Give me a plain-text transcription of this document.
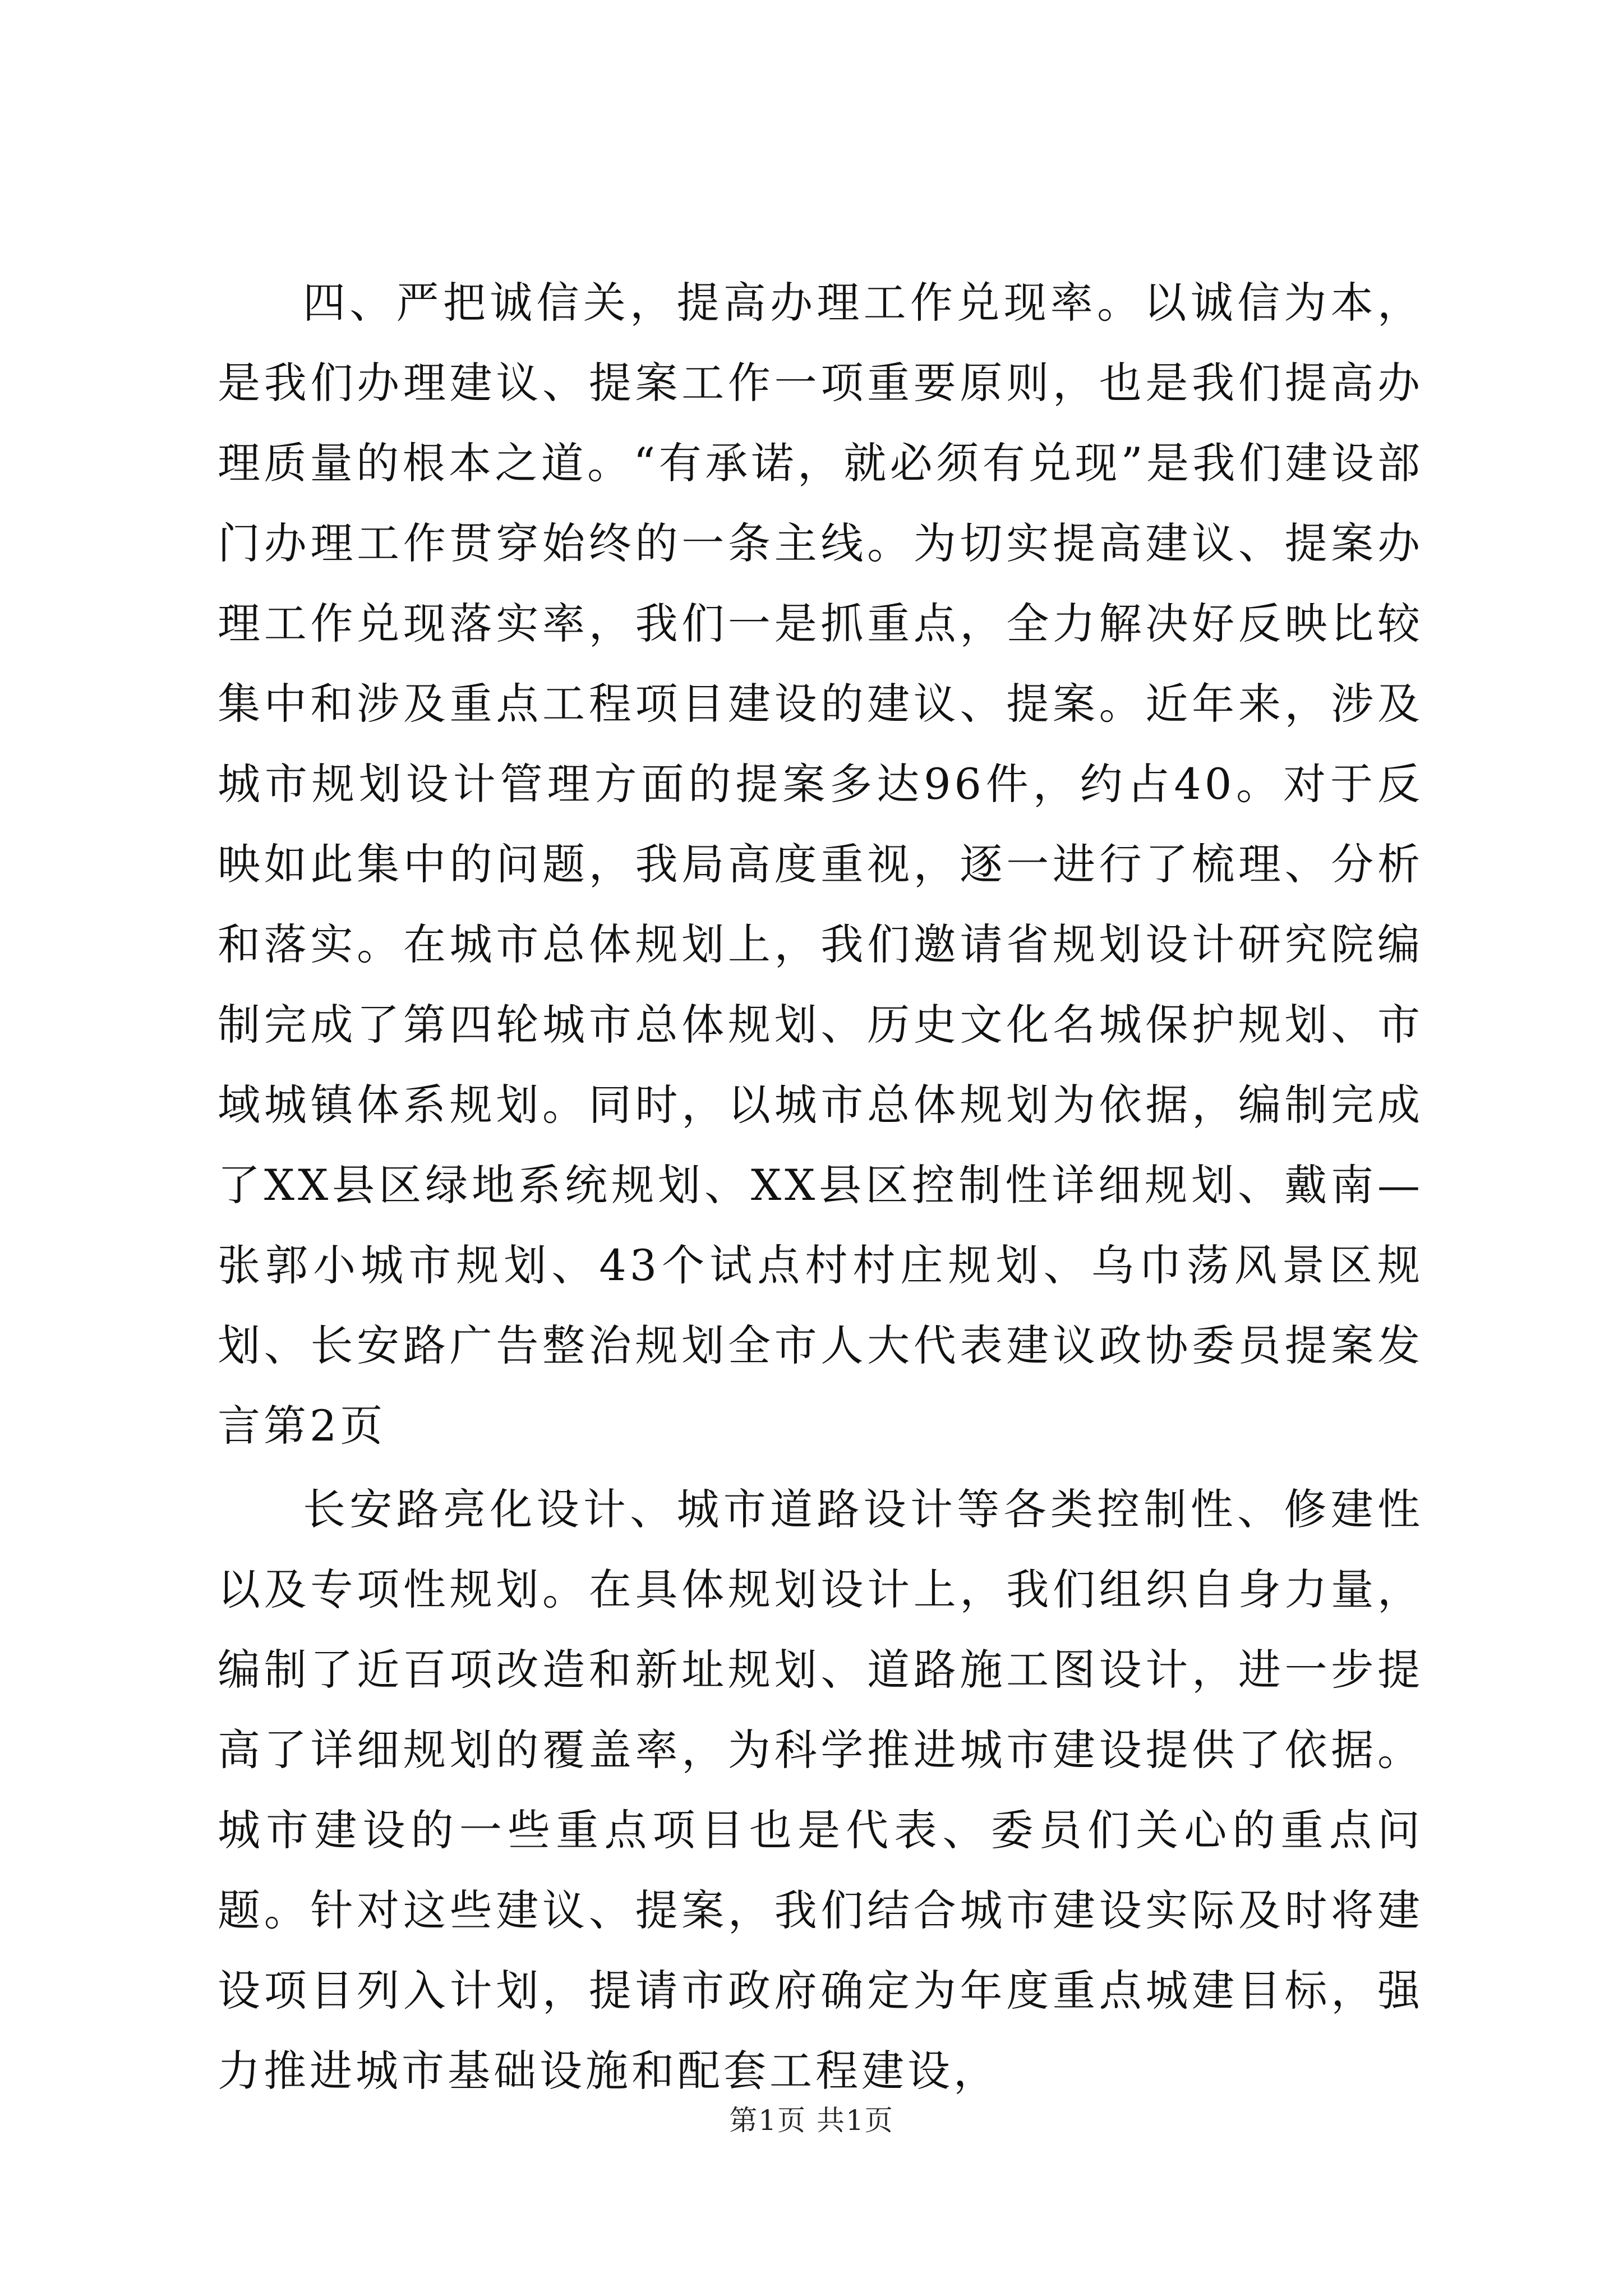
四、严把诚信关，提高办理工作兑现率。以诚信为本，是我们办理建议、提案工作一项重要原则，也是我们提高办理质量的根本之道。“有承诺，就必须有兑现”是我们建设部门办理工作贯穿始终的一条主线。为切实提高建议、提案办理工作兑现落实率，我们一是抓重点，全力解决好反映比较集中和涉及重点工程项目建设的建议、提案。近年来，涉及城市规划设计管理方面的提案多达96件，约占40。对于反映如此集中的问题，我局高度重视，逐一进行了梳理、分析和落实。在城市总体规划上，我们邀请省规划设计研究院编制完成了第四轮城市总体规划、历史文化名城保护规划、市域城镇体系规划。同时，以城市总体规划为依据，编制完成了XX县区绿地系统规划、XX县区控制性详细规划、戴南—张郭小城市规划、43个试点村村庄规划、乌巾荡风景区规划、长安路广告整治规划全市人大代表建议政协委员提案发言第2页

长安路亮化设计、城市道路设计等各类控制性、修建性以及专项性规划。在具体规划设计上，我们组织自身力量，编制了近百项改造和新址规划、道路施工图设计，进一步提高了详细规划的覆盖率，为科学推进城市建设提供了依据。城市建设的一些重点项目也是代表、委员们关心的重点问题。针对这些建议、提案，我们结合城市建设实际及时将建设项目列入计划，提请市政府确定为年度重点城建目标，强力推进城市基础设施和配套工程建设，

第1页 共1页
